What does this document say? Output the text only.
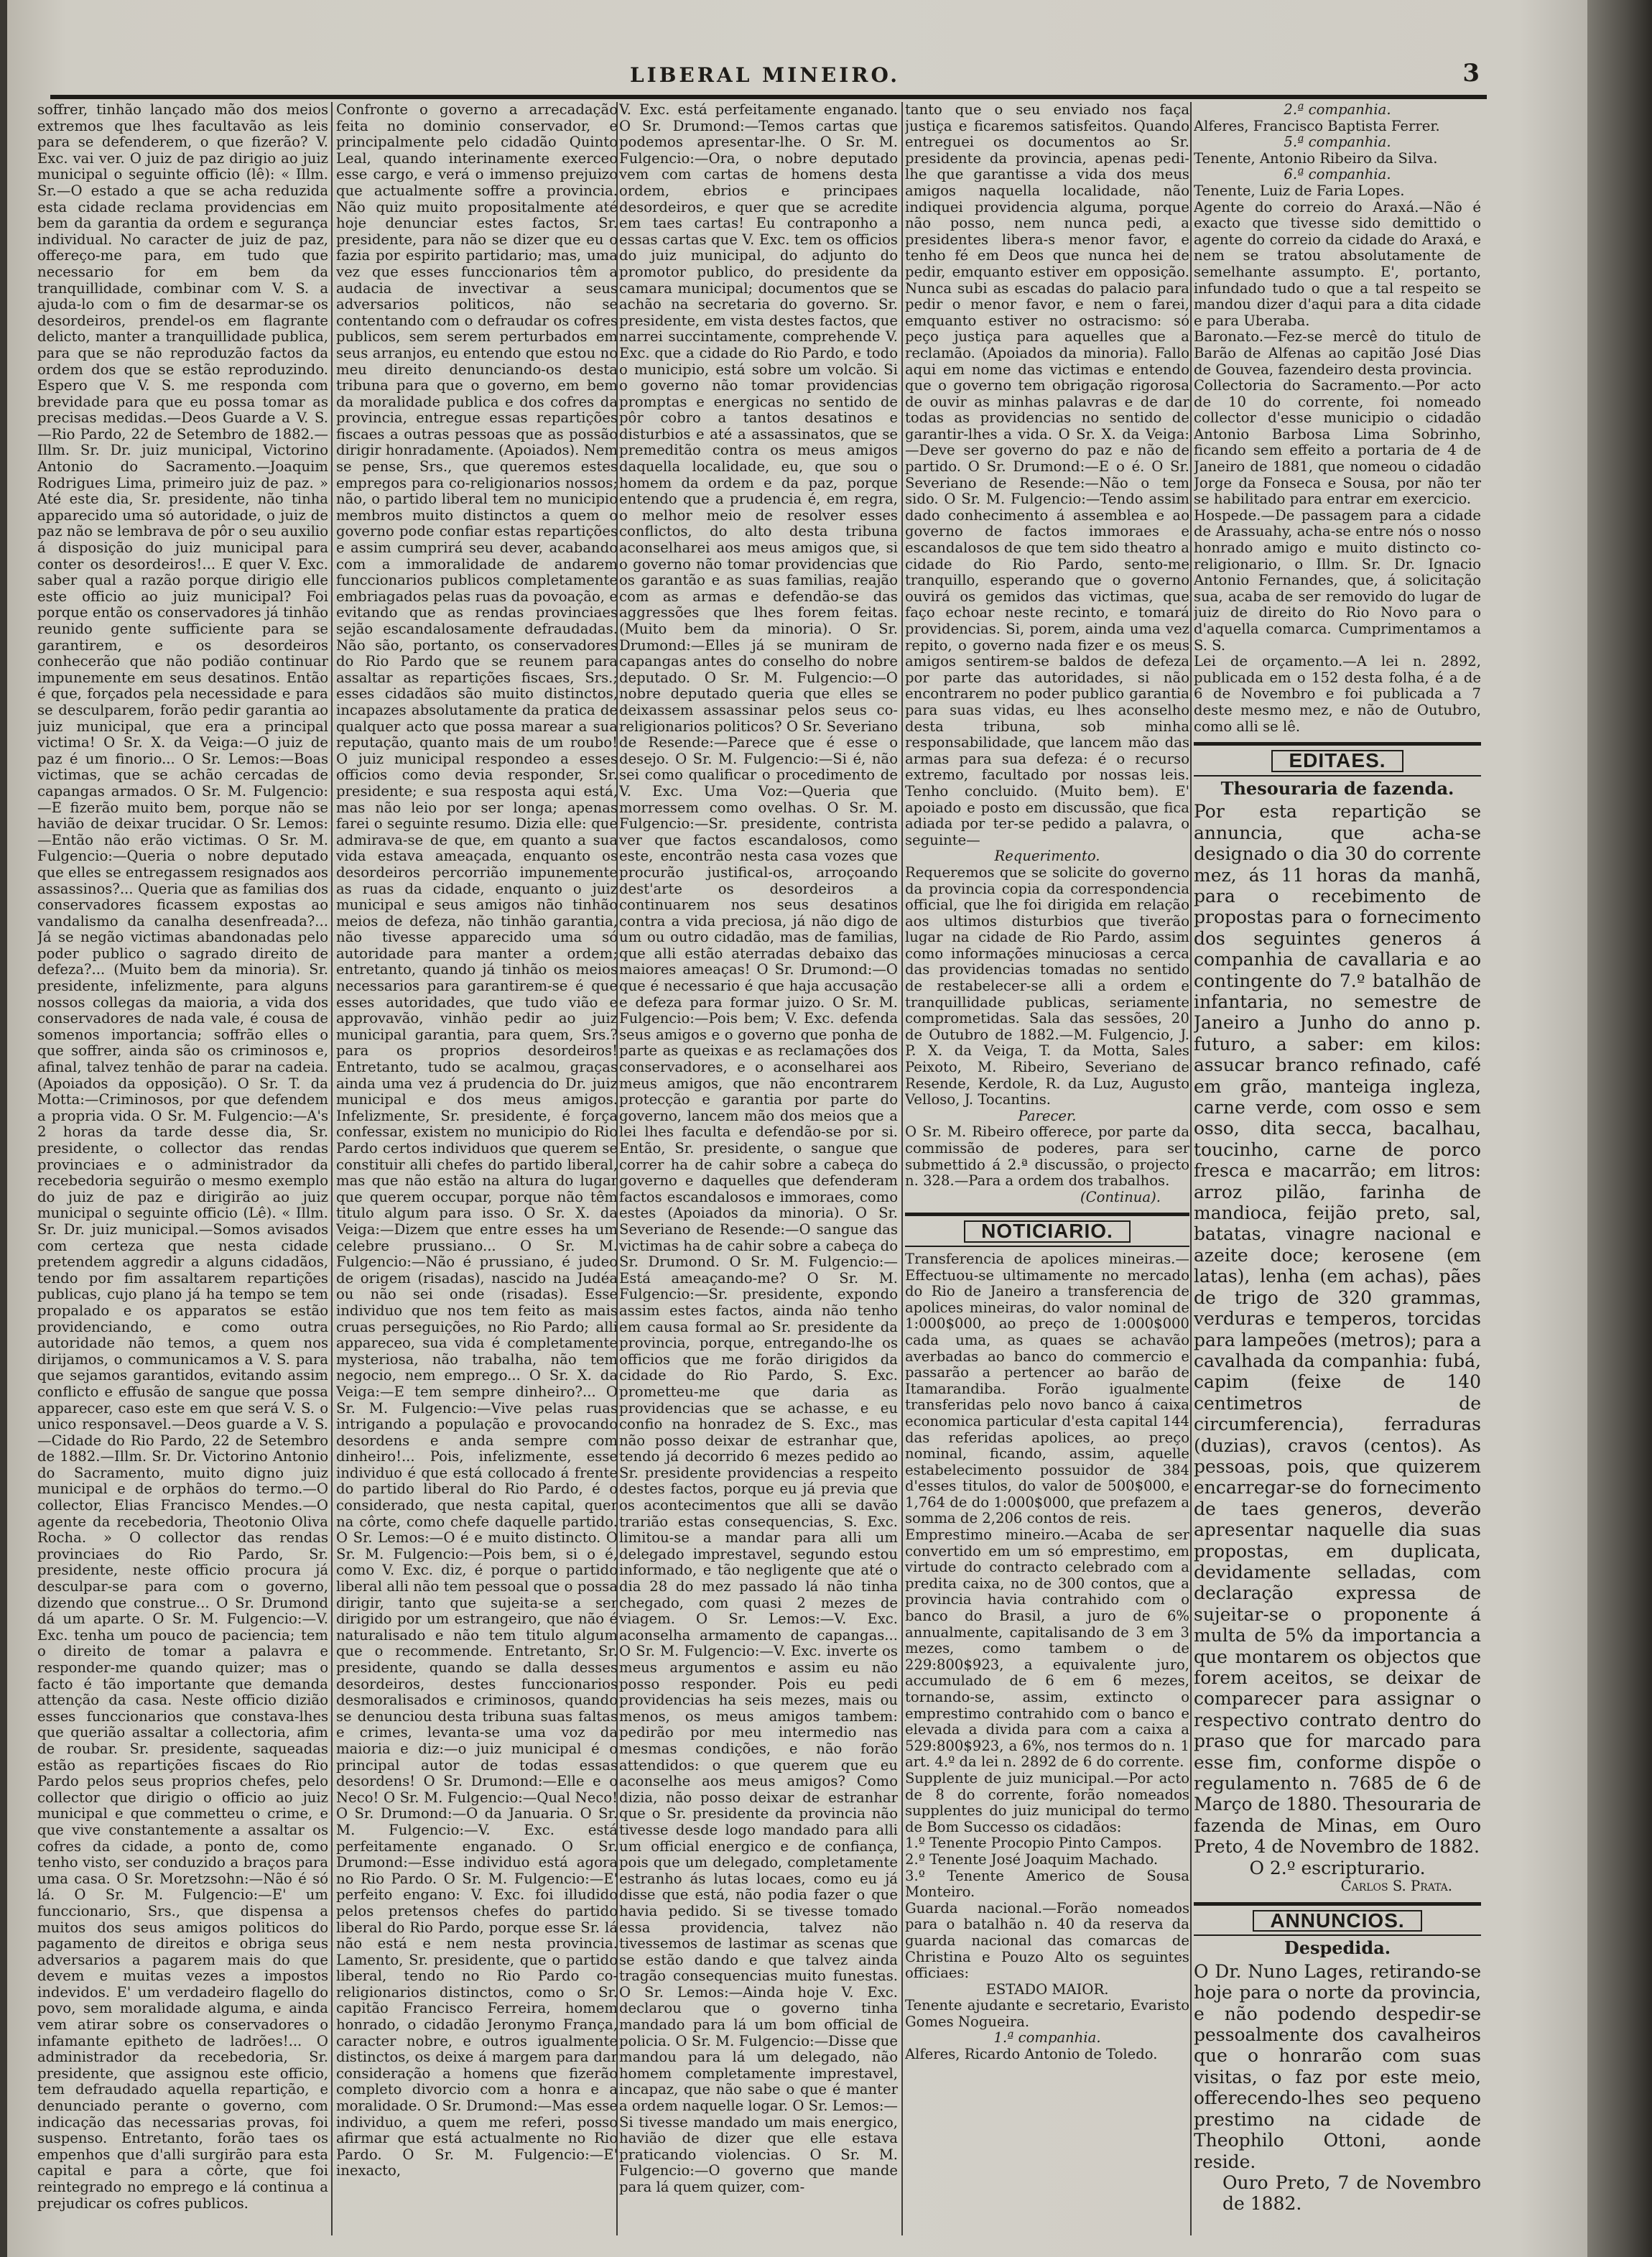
LIBERAL MINEIRO.	3

soffrer, tinhão lançado mão dos meios extremos que lhes facultavão as leis para se defenderem, o que fizerão? V. Exc. vai ver. O juiz de paz dirigio ao juiz municipal o seguinte officio (lê): « Illm. Sr.—O estado a que se acha reduzida esta cidade reclama providencias em bem da garantia da ordem e segurança individual. No caracter de juiz de paz, offereço-me para, em tudo que necessario for em bem da tranquillidade, combinar com V. S. a ajuda-lo com o fim de desarmar-se os desordeiros, prendel-os em flagrante delicto, manter a tranquillidade publica, para que se não reproduzão factos da ordem dos que se estão reproduzindo. Espero que V. S. me responda com brevidade para que eu possa tomar as precisas medidas.—Deos Guarde a V. S.—Rio Pardo, 22 de Setembro de 1882.—Illm. Sr. Dr. juiz municipal, Victorino Antonio do Sacramento.—Joaquim Rodrigues Lima, primeiro juiz de paz. » Até este dia, Sr. presidente, não tinha apparecido uma só autoridade, o juiz de paz não se lembrava de pôr o seu auxilio á disposição do juiz municipal para conter os desordeiros!... E quer V. Exc. saber qual a razão porque dirigio elle este officio ao juiz municipal? Foi porque então os conservadores já tinhão reunido gente sufficiente para se garantirem, e os desordeiros conhecerão que não podião continuar impunemente em seus desatinos. Então é que, forçados pela necessidade e para se desculparem, forão pedir garantia ao juiz municipal, que era a principal victima! O Sr. X. da Veiga:—O juiz de paz é um finorio... O Sr. Lemos:—Boas victimas, que se achão cercadas de capangas armados. O Sr. M. Fulgencio:—E fizerão muito bem, porque não se havião de deixar trucidar. O Sr. Lemos:—Então não erão victimas. O Sr. M. Fulgencio:—Queria o nobre deputado que elles se entregassem resignados aos assassinos?... Queria que as familias dos conservadores ficassem expostas ao vandalismo da canalha desenfreada?... Já se negão victimas abandonadas pelo poder publico o sagrado direito de defeza?... (Muito bem da minoria). Sr. presidente, infelizmente, para alguns nossos collegas da maioria, a vida dos conservadores de nada vale, é cousa de somenos importancia; soffrão elles o que soffrer, ainda são os criminosos e, afinal, talvez tenhão de parar na cadeia. (Apoiados da opposição). O Sr. T. da Motta:—Criminosos, por que defendem a propria vida. O Sr. M. Fulgencio:—A's 2 horas da tarde desse dia, Sr. presidente, o collector das rendas provinciaes e o administrador da recebedoria seguirão o mesmo exemplo do juiz de paz e dirigirão ao juiz municipal o seguinte officio (Lê). « Illm. Sr. Dr. juiz municipal.—Somos avisados com certeza que nesta cidade pretendem aggredir a alguns cidadãos, tendo por fim assaltarem repartições publicas, cujo plano já ha tempo se tem propalado e os apparatos se estão providenciando, e como outra autoridade não temos, a quem nos dirijamos, o communicamos a V. S. para que sejamos garantidos, evitando assim conflicto e effusão de sangue que possa apparecer, caso este em que será V. S. o unico responsavel.—Deos guarde a V. S.—Cidade do Rio Pardo, 22 de Setembro de 1882.—Illm. Sr. Dr. Victorino Antonio do Sacramento, muito digno juiz municipal e de orphãos do termo.—O collector, Elias Francisco Mendes.—O agente da recebedoria, Theotonio Oliva Rocha. » O collector das rendas provinciaes do Rio Pardo, Sr. presidente, neste officio procura já desculpar-se para com o governo, dizendo que construe... O Sr. Drumond dá um aparte. O Sr. M. Fulgencio:—V. Exc. tenha um pouco de paciencia; tem o direito de tomar a palavra e responder-me quando quizer; mas o facto é tão importante que demanda attenção da casa. Neste officio dizião esses funccionarios que constava-lhes que querião assaltar a collectoria, afim de roubar. Sr. presidente, saqueadas estão as repartições fiscaes do Rio Pardo pelos seus proprios chefes, pelo collector que dirigio o officio ao juiz municipal e que commetteu o crime, e que vive constantemente a assaltar os cofres da cidade, a ponto de, como tenho visto, ser conduzido a braços para uma casa. O Sr. Moretzsohn:—Não é só lá. O Sr. M. Fulgencio:—E' um funccionario, Srs., que dispensa a muitos dos seus amigos politicos do pagamento de direitos e obriga seus adversarios a pagarem mais do que devem e muitas vezes a impostos indevidos. E' um verdadeiro flagello do povo, sem moralidade alguma, e ainda vem atirar sobre os conservadores o infamante epitheto de ladrões!... O administrador da recebedoria, Sr. presidente, que assignou este officio, tem defraudado aquella repartição, e denunciado perante o governo, com indicação das necessarias provas, foi suspenso. Entretanto, forão taes os empenhos que d'alli surgirão para esta capital e para a côrte, que foi reintegrado no emprego e lá continua a prejudicar os cofres publicos.

Confronte o governo a arrecadação feita no dominio conservador, e principalmente pelo cidadão Quinto Leal, quando interinamente exerceo esse cargo, e verá o immenso prejuizo que actualmente soffre a provincia. Não quiz muito propositalmente até hoje denunciar estes factos, Sr. presidente, para não se dizer que eu o fazia por espirito partidario; mas, uma vez que esses funccionarios têm a audacia de invectivar a seus adversarios politicos, não se contentando com o defraudar os cofres publicos, sem serem perturbados em seus arranjos, eu entendo que estou no meu direito denunciando-os desta tribuna para que o governo, em bem da moralidade publica e dos cofres da provincia, entregue essas repartições fiscaes a outras pessoas que as possão dirigir honradamente. (Apoiados). Nem se pense, Srs., que queremos estes empregos para co-religionarios nossos; não, o partido liberal tem no municipio membros muito distinctos a quem o governo pode confiar estas repartições e assim cumprirá seu dever, acabando com a immoralidade de andarem funccionarios publicos completamente embriagados pelas ruas da povoação, e evitando que as rendas provinciaes sejão escandalosamente defraudadas. Não são, portanto, os conservadores do Rio Pardo que se reunem para assaltar as repartições fiscaes, Srs.; esses cidadãos são muito distinctos, incapazes absolutamente da pratica de qualquer acto que possa marear a sua reputação, quanto mais de um roubo! O juiz municipal respondeo a esses officios como devia responder, Sr. presidente; e sua resposta aqui está, mas não leio por ser longa; apenas farei o seguinte resumo. Dizia elle: que admirava-se de que, em quanto a sua vida estava ameaçada, enquanto os desordeiros percorrião impunemente as ruas da cidade, enquanto o juiz municipal e seus amigos não tinhão meios de defeza, não tinhão garantia, não tivesse apparecido uma só autoridade para manter a ordem; entretanto, quando já tinhão os meios necessarios para garantirem-se é que esses autoridades, que tudo vião e approvavão, vinhão pedir ao juiz municipal garantia, para quem, Srs.? para os proprios desordeiros! Entretanto, tudo se acalmou, graças ainda uma vez á prudencia do Dr. juiz municipal e dos meus amigos. Infelizmente, Sr. presidente, é força confessar, existem no municipio do Rio Pardo certos individuos que querem se constituir alli chefes do partido liberal, mas que não estão na altura do lugar que querem occupar, porque não têm titulo algum para isso. O Sr. X. da Veiga:—Dizem que entre esses ha um celebre prussiano... O Sr. M. Fulgencio:—Não é prussiano, é judeo de origem (risadas), nascido na Judéa ou não sei onde (risadas). Esse individuo que nos tem feito as mais cruas perseguições, no Rio Pardo; alli appareceo, sua vida é completamente mysteriosa, não trabalha, não tem negocio, nem emprego... O Sr. X. da Veiga:—E tem sempre dinheiro?... O Sr. M. Fulgencio:—Vive pelas ruas intrigando a população e provocando desordens e anda sempre com dinheiro!... Pois, infelizmente, esse individuo é que está collocado á frente do partido liberal do Rio Pardo, é o considerado, que nesta capital, quer na côrte, como chefe daquelle partido. O Sr. Lemos:—O é e muito distincto. O Sr. M. Fulgencio:—Pois bem, si o é, como V. Exc. diz, é porque o partido liberal alli não tem pessoal que o possa dirigir, tanto que sujeita-se a ser dirigido por um estrangeiro, que não é naturalisado e não tem titulo algum que o recommende. Entretanto, Sr. presidente, quando se dalla desses desordeiros, destes funccionarios desmoralisados e criminosos, quando se denunciou desta tribuna suas faltas e crimes, levanta-se uma voz da maioria e diz:—o juiz municipal é o principal autor de todas essas desordens! O Sr. Drumond:—Elle e o Neco! O Sr. M. Fulgencio:—Qual Neco! O Sr. Drumond:—O da Januaria. O Sr. M. Fulgencio:—V. Exc. está perfeitamente enganado. O Sr. Drumond:—Esse individuo está agora no Rio Pardo. O Sr. M. Fulgencio:—E' perfeito engano: V. Exc. foi illudido pelos pretensos chefes do partido liberal do Rio Pardo, porque esse Sr. lá não está e nem nesta provincia. Lamento, Sr. presidente, que o partido liberal, tendo no Rio Pardo co-religionarios distinctos, como o Sr. capitão Francisco Ferreira, homem honrado, o cidadão Jeronymo França, caracter nobre, e outros igualmente distinctos, os deixe á margem para dar consideração a homens que fizerão completo divorcio com a honra e a moralidade. O Sr. Drumond:—Mas esse individuo, a quem me referi, posso afirmar que está actualmente no Rio Pardo. O Sr. M. Fulgencio:—E' inexacto,

V. Exc. está perfeitamente enganado. O Sr. Drumond:—Temos cartas que podemos apresentar-lhe. O Sr. M. Fulgencio:—Ora, o nobre deputado vem com cartas de homens desta ordem, ebrios e principaes desordeiros, e quer que se acredite em taes cartas! Eu contraponho a essas cartas que V. Exc. tem os officios do juiz municipal, do adjunto do promotor publico, do presidente da camara municipal; documentos que se achão na secretaria do governo. Sr. presidente, em vista destes factos, que narrei succintamente, comprehende V. Exc. que a cidade do Rio Pardo, e todo o municipio, está sobre um volcão. Si o governo não tomar providencias promptas e energicas no sentido de pôr cobro a tantos desatinos e disturbios e até a assassinatos, que se premeditão contra os meus amigos daquella localidade, eu, que sou o homem da ordem e da paz, porque entendo que a prudencia é, em regra, o melhor meio de resolver esses conflictos, do alto desta tribuna aconselharei aos meus amigos que, si o governo não tomar providencias que os garantão e as suas familias, reajão com as armas e defendão-se das aggressões que lhes forem feitas. (Muito bem da minoria). O Sr. Drumond:—Elles já se muniram de capangas antes do conselho do nobre deputado. O Sr. M. Fulgencio:—O nobre deputado queria que elles se deixassem assassinar pelos seus co-religionarios politicos? O Sr. Severiano de Resende:—Parece que é esse o desejo. O Sr. M. Fulgencio:—Si é, não sei como qualificar o procedimento de V. Exc. Uma Voz:—Queria que morressem como ovelhas. O Sr. M. Fulgencio:—Sr. presidente, contrista ver que factos escandalosos, como este, encontrão nesta casa vozes que procurão justifical-os, arroçoando dest'arte os desordeiros a continuarem nos seus desatinos contra a vida preciosa, já não digo de um ou outro cidadão, mas de familias, que alli estão aterradas debaixo das maiores ameaças! O Sr. Drumond:—O que é necessario é que haja accusação e defeza para formar juizo. O Sr. M. Fulgencio:—Pois bem; V. Exc. defenda seus amigos e o governo que ponha de parte as queixas e as reclamações dos conservadores, e o aconselharei aos meus amigos, que não encontrarem protecção e garantia por parte do governo, lancem mão dos meios que a lei lhes faculta e defendão-se por si. Então, Sr. presidente, o sangue que correr ha de cahir sobre a cabeça do governo e daquelles que defenderam factos escandalosos e immoraes, como estes (Apoiados da minoria). O Sr. Severiano de Resende:—O sangue das victimas ha de cahir sobre a cabeça do Sr. Drumond. O Sr. M. Fulgencio:—Está ameaçando-me? O Sr. M. Fulgencio:—Sr. presidente, expondo assim estes factos, ainda não tenho em causa formal ao Sr. presidente da provincia, porque, entregando-lhe os officios que me forão dirigidos da cidade do Rio Pardo, S. Exc. prometteu-me que daria as providencias que se achasse, e eu confio na honradez de S. Exc., mas não posso deixar de estranhar que, tendo já decorrido 6 mezes pedido ao Sr. presidente providencias a respeito destes factos, porque eu já previa que os acontecimentos que alli se davão trarião estas consequencias, S. Exc. limitou-se a mandar para alli um delegado imprestavel, segundo estou informado, e tão negligente que até o dia 28 do mez passado lá não tinha chegado, com quasi 2 mezes de viagem. O Sr. Lemos:—V. Exc. aconselha armamento de capangas... O Sr. M. Fulgencio:—V. Exc. inverte os meus argumentos e assim eu não posso responder. Pois eu pedi providencias ha seis mezes, mais ou menos, os meus amigos tambem: pedirão por meu intermedio nas mesmas condições, e não forão attendidos: o que querem que eu aconselhe aos meus amigos? Como dizia, não posso deixar de estranhar que o Sr. presidente da provincia não tivesse desde logo mandado para alli um official energico e de confiança, pois que um delegado, completamente estranho ás lutas locaes, como eu já disse que está, não podia fazer o que havia pedido. Si se tivesse tomado essa providencia, talvez não tivessemos de lastimar as scenas que se estão dando e que talvez ainda tragão consequencias muito funestas. O Sr. Lemos:—Ainda hoje V. Exc. declarou que o governo tinha mandado para lá um bom official de policia. O Sr. M. Fulgencio:—Disse que mandou para lá um delegado, não homem completamente imprestavel, incapaz, que não sabe o que é manter a ordem naquelle logar. O Sr. Lemos:—Si tivesse mandado um mais energico, havião de dizer que elle estava praticando violencias. O Sr. M. Fulgencio:—O governo que mande para lá quem quizer, com-

tanto que o seu enviado nos faça justiça e ficaremos satisfeitos. Quando entreguei os documentos ao Sr. presidente da provincia, apenas pedi-lhe que garantisse a vida dos meus amigos naquella localidade, não indiquei providencia alguma, porque não posso, nem nunca pedi, a presidentes libera-s menor favor, e tenho fé em Deos que nunca hei de pedir, emquanto estiver em opposição. Nunca subi as escadas do palacio para pedir o menor favor, e nem o farei, emquanto estiver no ostracismo: só peço justiça para aquelles que a reclamão. (Apoiados da minoria). Fallo aqui em nome das victimas e entendo que o governo tem obrigação rigorosa de ouvir as minhas palavras e de dar todas as providencias no sentido de garantir-lhes a vida. O Sr. X. da Veiga:—Deve ser governo do paz e não de partido. O Sr. Drumond:—E o é. O Sr. Severiano de Resende:—Não o tem sido. O Sr. M. Fulgencio:—Tendo assim dado conhecimento á assemblea e ao governo de factos immoraes e escandalosos de que tem sido theatro a cidade do Rio Pardo, sento-me tranquillo, esperando que o governo ouvirá os gemidos das victimas, que faço echoar neste recinto, e tomará providencias. Si, porem, ainda uma vez repito, o governo nada fizer e os meus amigos sentirem-se baldos de defeza por parte das autoridades, si não encontrarem no poder publico garantia para suas vidas, eu lhes aconselho desta tribuna, sob minha responsabilidade, que lancem mão das armas para sua defeza: é o recurso extremo, facultado por nossas leis. Tenho concluido. (Muito bem). E' apoiado e posto em discussão, que fica adiada por ter-se pedido a palavra, o seguinte—

Requerimento.

Requeremos que se solicite do governo da provincia copia da correspondencia official, que lhe foi dirigida em relação aos ultimos disturbios que tiverão lugar na cidade de Rio Pardo, assim como informações minuciosas a cerca das providencias tomadas no sentido de restabelecer-se alli a ordem e tranquillidade publicas, seriamente comprometidas. Sala das sessões, 20 de Outubro de 1882.—M. Fulgencio, J. P. X. da Veiga, T. da Motta, Sales Peixoto, M. Ribeiro, Severiano de Resende, Kerdole, R. da Luz, Augusto Velloso, J. Tocantins.

Parecer.

O Sr. M. Ribeiro offerece, por parte da commissão de poderes, para ser submettido á 2.ª discussão, o projecto n. 328.—Para a ordem dos trabalhos.

(Continua).

NOTICIARIO.

Transferencia de apolices mineiras.—Effectuou-se ultimamente no mercado do Rio de Janeiro a transferencia de apolices mineiras, do valor nominal de 1:000$000, ao preço de 1:000$000 cada uma, as quaes se achavão averbadas ao banco do commercio e passarão a pertencer ao barão de Itamarandiba. Forão igualmente transferidas pelo novo banco á caixa economica particular d'esta capital 144 das referidas apolices, ao preço nominal, ficando, assim, aquelle estabelecimento possuidor de 384 d'esses titulos, do valor de 500$000, e 1,764 de do 1:000$000, que prefazem a somma de 2,206 contos de reis.

Emprestimo mineiro.—Acaba de ser convertido em um só emprestimo, em virtude do contracto celebrado com a predita caixa, no de 300 contos, que a provincia havia contrahido com o banco do Brasil, a juro de 6% annualmente, capitalisando de 3 em 3 mezes, como tambem o de 229:800$923, a equivalente juro, accumulado de 6 em 6 mezes, tornando-se, assim, extincto o emprestimo contrahido com o banco e elevada a divida para com a caixa a 529:800$923, a 6%, nos termos do n. 1 art. 4.º da lei n. 2892 de 6 do corrente.

Supplente de juiz municipal.—Por acto de 8 do corrente, forão nomeados supplentes do juiz municipal do termo de Bom Successo os cidadãos:

1.º Tenente Procopio Pinto Campos.

2.º Tenente José Joaquim Machado.

3.º Tenente Americo de Sousa Monteiro.

Guarda nacional.—Forão nomeados para o batalhão n. 40 da reserva da guarda nacional das comarcas de Christina e Pouzo Alto os seguintes officiaes:

ESTADO MAIOR.

Tenente ajudante e secretario, Evaristo Gomes Nogueira.

1.ª companhia.

Alferes, Ricardo Antonio de Toledo.

2.ª companhia.

Alferes, Francisco Baptista Ferrer.

5.ª companhia.

Tenente, Antonio Ribeiro da Silva.

6.ª companhia.

Tenente, Luiz de Faria Lopes.

Agente do correio do Araxá.—Não é exacto que tivesse sido demittido o agente do correio da cidade do Araxá, e nem se tratou absolutamente de semelhante assumpto. E', portanto, infundado tudo o que a tal respeito se mandou dizer d'aqui para a dita cidade e para Uberaba.

Baronato.—Fez-se mercê do titulo de Barão de Alfenas ao capitão José Dias de Gouvea, fazendeiro desta provincia.

Collectoria do Sacramento.—Por acto de 10 do corrente, foi nomeado collector d'esse municipio o cidadão Antonio Barbosa Lima Sobrinho, ficando sem effeito a portaria de 4 de Janeiro de 1881, que nomeou o cidadão Jorge da Fonseca e Sousa, por não ter se habilitado para entrar em exercicio.

Hospede.—De passagem para a cidade de Arassuahy, acha-se entre nós o nosso honrado amigo e muito distincto co-religionario, o Illm. Sr. Dr. Ignacio Antonio Fernandes, que, á solicitação sua, acaba de ser removido do lugar de juiz de direito do Rio Novo para o d'aquella comarca. Cumprimentamos a S. S.

Lei de orçamento.—A lei n. 2892, publicada em o 152 desta folha, é a de 6 de Novembro e foi publicada a 7 deste mesmo mez, e não de Outubro, como alli se lê.

EDITAES.
Thesouraria de fazenda.

Por esta repartição se annuncia, que acha-se designado o dia 30 do corrente mez, ás 11 horas da manhã, para o recebimento de propostas para o fornecimento dos seguintes generos á companhia de cavallaria e ao contingente do 7.º batalhão de infantaria, no semestre de Janeiro a Junho do anno p. futuro, a saber: em kilos: assucar branco refinado, café em grão, manteiga ingleza, carne verde, com osso e sem osso, dita secca, bacalhau, toucinho, carne de porco fresca e macarrão; em litros: arroz pilão, farinha de mandioca, feijão preto, sal, batatas, vinagre nacional e azeite doce; kerosene (em latas), lenha (em achas), pães de trigo de 320 grammas, verduras e temperos, torcidas para lampeões (metros); para a cavalhada da companhia: fubá, capim (feixe de 140 centimetros de circumferencia), ferraduras (duzias), cravos (centos). As pessoas, pois, que quizerem encarregar-se do fornecimento de taes generos, deverão apresentar naquelle dia suas propostas, em duplicata, devidamente selladas, com declaração expressa de sujeitar-se o proponente á multa de 5% da importancia a que montarem os objectos que forem aceitos, se deixar de comparecer para assignar o respectivo contrato dentro do praso que for marcado para esse fim, conforme dispõe o regulamento n. 7685 de 6 de Março de 1880. Thesouraria de fazenda de Minas, em Ouro Preto, 4 de Novembro de 1882.

O 2.º escripturario.

Carlos S. Prata.

ANNUNCIOS.
Despedida.

O Dr. Nuno Lages, retirando-se hoje para o norte da provincia, e não podendo despedir-se pessoalmente dos cavalheiros que o honrarão com suas visitas, o faz por este meio, offerecendo-lhes seo pequeno prestimo na cidade de Theophilo Ottoni, aonde reside.

Ouro Preto, 7 de Novembro de 1882.
